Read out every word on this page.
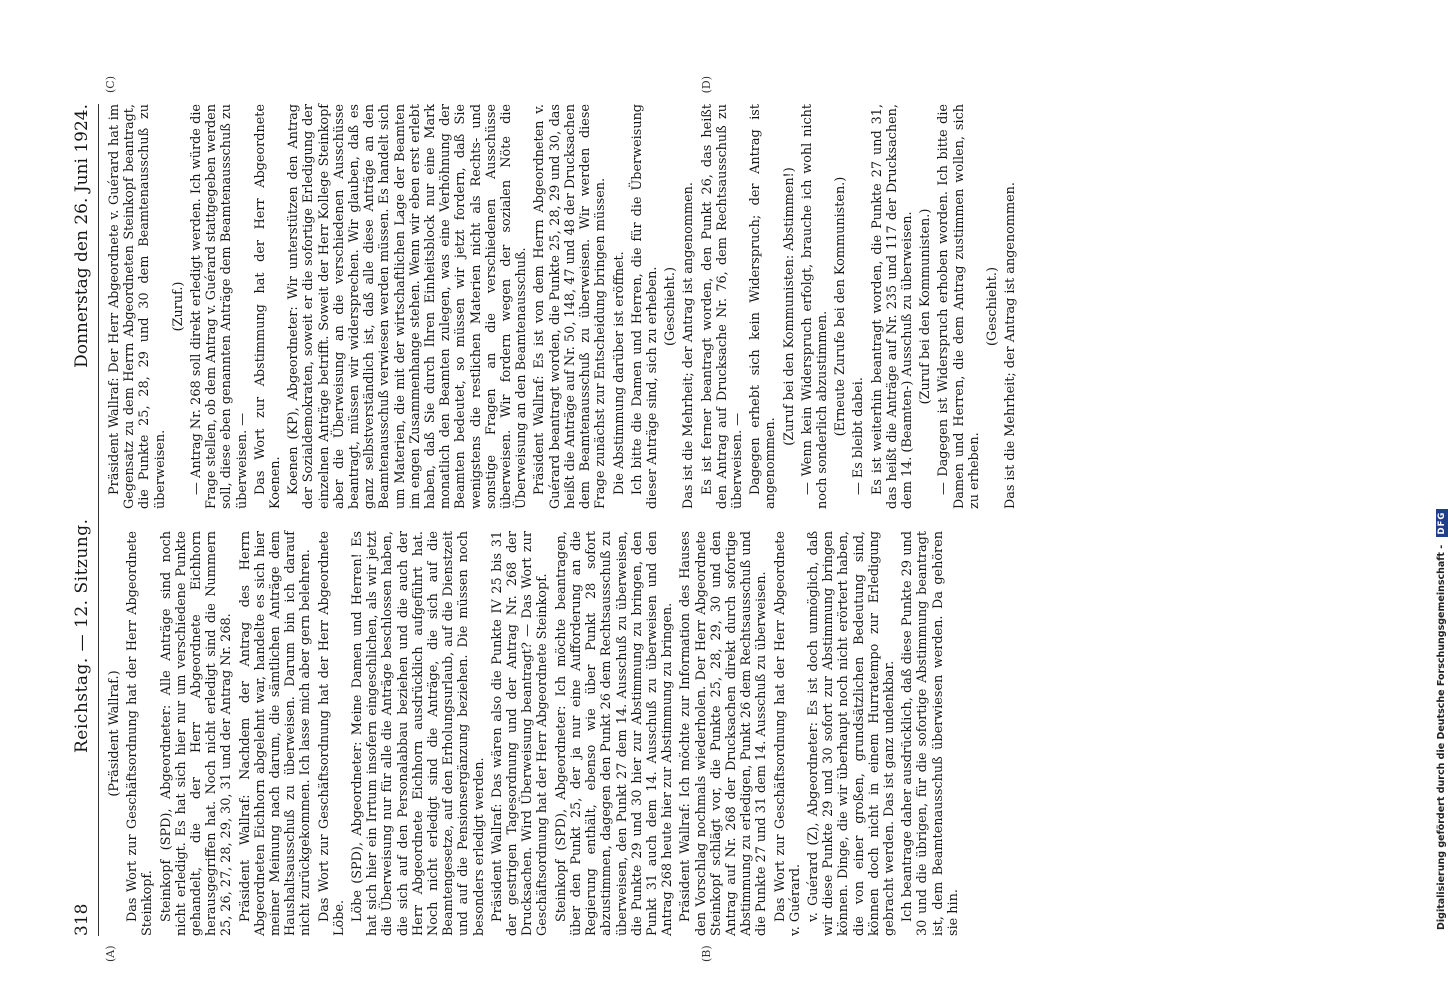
318
Reichstag. — 12. Sitzung.
Donnerstag den 26. Juni 1924.

(Präsident Wallraf.) Das Wort zur Geschäftsordnung hat der Herr Abgeordnete Steinkopf. Steinkopf (SPD), Abgeordneter: Alle Anträge sind noch nicht erledigt. Es hat sich hier nur um verschiedene Punkte gehandelt, die der Herr Abgeordnete Eichhorn herausgegriffen hat. Noch nicht erledigt sind die Nummern 25, 26, 27, 28, 29, 30, 31 und der Antrag Nr. 268. Präsident Wallraf: Nachdem der Antrag des Herrn Abgeordneten Eichhorn abgelehnt war, handelte es sich hier meiner Meinung nach darum, die sämtlichen Anträge dem Haushaltsausschuß zu überweisen. Darum bin ich darauf nicht zurückgekommen. Ich lasse mich aber gern belehren. Das Wort zur Geschäftsordnung hat der Herr Abgeordnete Löbe. Löbe (SPD), Abgeordneter: Meine Damen und Herren! Es hat sich hier ein Irrtum insofern eingeschlichen, als wir jetzt die Überweisung nur für alle die Anträge beschlossen haben, die sich auf den Personalabbau beziehen und die auch der Herr Abgeordnete Eichhorn ausdrücklich aufgeführt hat. Noch nicht erledigt sind die Anträge, die sich auf die Beamtengesetze, auf den Erholungsurlaub, auf die Dienstzeit und auf die Pensionsergänzung beziehen. Die müssen noch besonders erledigt werden. Präsident Wallraf: Das wären also die Punkte IV 25 bis 31 der gestrigen Tagesordnung und der Antrag Nr. 268 der Drucksachen. Wird Überweisung beantragt? — Das Wort zur Geschäftsordnung hat der Herr Abgeordnete Steinkopf. Steinkopf (SPD), Abgeordneter: Ich möchte beantragen, über den Punkt 25, der ja nur eine Aufforderung an die Regierung enthält, ebenso wie über Punkt 28 sofort abzustimmen, dagegen den Punkt 26 dem Rechtsausschuß zu überweisen, den Punkt 27 dem 14. Ausschuß zu überweisen, die Punkte 29 und 30 hier zur Abstimmung zu bringen, den Punkt 31 auch dem 14. Ausschuß zu überweisen und den Antrag 268 heute hier zur Abstimmung zu bringen. Präsident Wallraf: Ich möchte zur Information des Hauses den Vorschlag nochmals wiederholen. Der Herr Abgeordnete Steinkopf schlägt vor, die Punkte 25, 28, 29, 30 und den Antrag auf Nr. 268 der Drucksachen direkt durch sofortige Abstimmung zu erledigen, Punkt 26 dem Rechtsausschuß und die Punkte 27 und 31 dem 14. Ausschuß zu überweisen. Das Wort zur Geschäftsordnung hat der Herr Abgeordnete v. Guérard. v. Guérard (Z), Abgeordneter: Es ist doch unmöglich, daß wir diese Punkte 29 und 30 sofort zur Abstimmung bringen können. Dinge, die wir überhaupt noch nicht erörtert haben, die von einer großen, grundsätzlichen Bedeutung sind, können doch nicht in einem Hurratempo zur Erledigung gebracht werden. Das ist ganz undenkbar. Ich beantrage daher ausdrücklich, daß diese Punkte 29 und 30 und die übrigen, für die sofortige Abstimmung beantragt ist, dem Beamtenausschuß überwiesen werden. Da gehören sie hin.

Präsident Wallraf: Der Herr Abgeordnete v. Guérard hat im Gegensatz zu dem Herrn Abgeordneten Steinkopf beantragt, die Punkte 25, 28, 29 und 30 dem Beamtenausschuß zu überweisen.

(Zuruf.) — Antrag Nr. 268 soll direkt erledigt werden. Ich würde die Frage stellen, ob dem Antrag v. Guérard stattgegeben werden soll, diese eben genannten Anträge dem Beamtenausschuß zu überweisen. — Das Wort zur Abstimmung hat der Herr Abgeordnete Koenen. Koenen (KP), Abgeordneter: Wir unterstützen den Antrag der Sozialdemokraten, soweit er die sofortige Erledigung der einzelnen Anträge betrifft. Soweit der Herr Kollege Steinkopf aber die Überweisung an die verschiedenen Ausschüsse beantragt, müssen wir widersprechen. Wir glauben, daß es ganz selbstverständlich ist, daß alle diese Anträge an den Beamtenausschuß verwiesen werden müssen. Es handelt sich um Materien, die mit der wirtschaftlichen Lage der Beamten im engen Zusammenhange stehen. Wenn wir eben erst erlebt haben, daß Sie durch Ihren Einheitsblock nur eine Mark monatlich den Beamten zulegen, was eine Verhöhnung der Beamten bedeutet, so müssen wir jetzt fordern, daß Sie wenigstens die restlichen Materien nicht als Rechts- und sonstige Fragen an die verschiedenen Ausschüsse überweisen. Wir fordern wegen der sozialen Nöte die Überweisung an den Beamtenausschuß. Präsident Wallraf: Es ist von dem Herrn Abgeordneten v. Guérard beantragt worden, die Punkte 25, 28, 29 und 30, das heißt die Anträge auf Nr. 50, 148, 47 und 48 der Drucksachen dem Beamtenausschuß zu überweisen. Wir werden diese Frage zunächst zur Entscheidung bringen müssen. Die Abstimmung darüber ist eröffnet. Ich bitte die Damen und Herren, die für die Überweisung dieser Anträge sind, sich zu erheben. (Geschieht.) Das ist die Mehrheit; der Antrag ist angenommen. Es ist ferner beantragt worden, den Punkt 26, das heißt den Antrag auf Drucksache Nr. 76, dem Rechtsausschuß zu überweisen. — Dagegen erhebt sich kein Widerspruch; der Antrag ist angenommen.

(Zuruf bei den Kommunisten: Abstimmen!) — Wenn kein Widerspruch erfolgt, brauche ich wohl nicht noch sonderlich abzustimmen. (Erneute Zurufe bei den Kommunisten.) — Es bleibt dabei. Es ist weiterhin beantragt worden, die Punkte 27 und 31, das heißt die Anträge auf Nr. 235 und 117 der Drucksachen, dem 14. (Beamten-) Ausschuß zu überweisen. (Zuruf bei den Kommunisten.) — Dagegen ist Widerspruch erhoben worden. Ich bitte die Damen und Herren, die dem Antrag zustimmen wollen, sich zu erheben.

(Geschieht.) Das ist die Mehrheit; der Antrag ist angenommen.

(A)	(B)
(C)	(D)
Digitalisierung gefördert durch die Deutsche Forschungsgemeinschaft - DFG
